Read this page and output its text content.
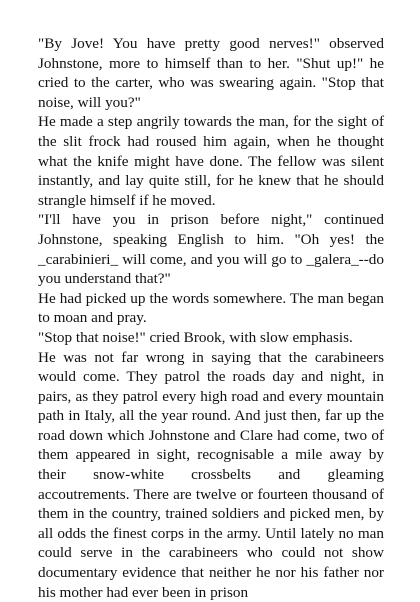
"By Jove! You have pretty good nerves!" observed Johnstone, more to himself than to her. "Shut up!" he cried to the carter, who was swearing again. "Stop that noise, will you?"

He made a step angrily towards the man, for the sight of the slit frock had roused him again, when he thought what the knife might have done. The fellow was silent instantly, and lay quite still, for he knew that he should strangle himself if he moved.

"I'll have you in prison before night," continued Johnstone, speaking English to him. "Oh yes! the _carabinieri_ will come, and you will go to _galera_--do you understand that?"

He had picked up the words somewhere. The man began to moan and pray.

"Stop that noise!" cried Brook, with slow emphasis.

He was not far wrong in saying that the carabineers would come. They patrol the roads day and night, in pairs, as they patrol every high road and every mountain path in Italy, all the year round. And just then, far up the road down which Johnstone and Clare had come, two of them appeared in sight, recognisable a mile away by their snow-white crossbelts and gleaming accoutrements. There are twelve or fourteen thousand of them in the country, trained soldiers and picked men, by all odds the finest corps in the army. Until lately no man could serve in the carabineers who could not show documentary evidence that neither he nor his father nor his mother had ever been in prison
